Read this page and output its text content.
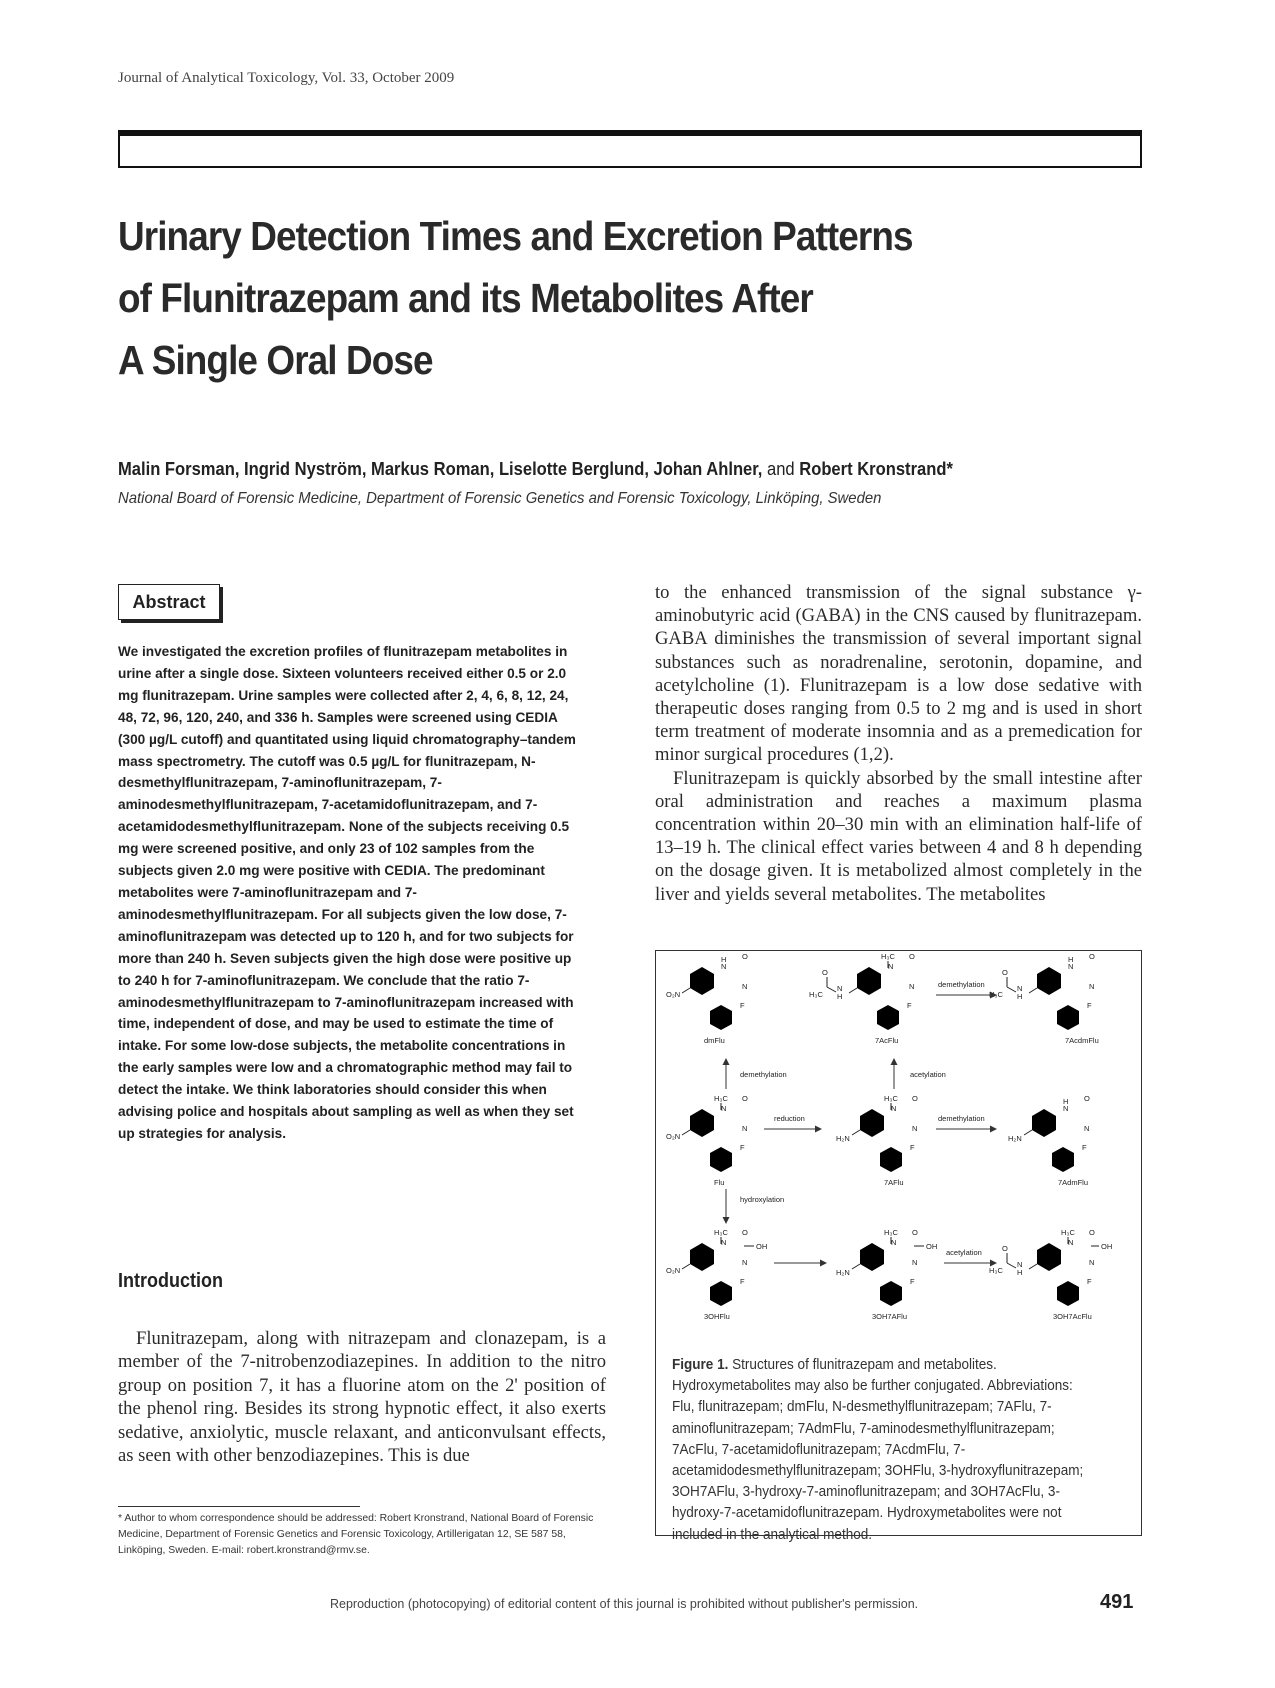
Journal of Analytical Toxicology, Vol. 33, October 2009
Urinary Detection Times and Excretion Patterns
of Flunitrazepam and its Metabolites After
A Single Oral Dose
Malin Forsman, Ingrid Nyström, Markus Roman, Liselotte Berglund, Johan Ahlner, and Robert Kronstrand*
National Board of Forensic Medicine, Department of Forensic Genetics and Forensic Toxicology, Linköping, Sweden
Abstract
We investigated the excretion profiles of flunitrazepam metabolites in urine after a single dose. Sixteen volunteers received either 0.5 or 2.0 mg flunitrazepam. Urine samples were collected after 2, 4, 6, 8, 12, 24, 48, 72, 96, 120, 240, and 336 h. Samples were screened using CEDIA (300 µg/L cutoff) and quantitated using liquid chromatography–tandem mass spectrometry. The cutoff was 0.5 µg/L for flunitrazepam, N-desmethylflunitrazepam, 7-aminoflunitrazepam, 7-aminodesmethylflunitrazepam, 7-acetamidoflunitrazepam, and 7-acetamidodesmethylflunitrazepam. None of the subjects receiving 0.5 mg were screened positive, and only 23 of 102 samples from the subjects given 2.0 mg were positive with CEDIA. The predominant metabolites were 7-aminoflunitrazepam and 7-aminodesmethylflunitrazepam. For all subjects given the low dose, 7-aminoflunitrazepam was detected up to 120 h, and for two subjects for more than 240 h. Seven subjects given the high dose were positive up to 240 h for 7-aminoflunitrazepam. We conclude that the ratio 7-aminodesmethylflunitrazepam to 7-aminoflunitrazepam increased with time, independent of dose, and may be used to estimate the time of intake. For some low-dose subjects, the metabolite concentrations in the early samples were low and a chromatographic method may fail to detect the intake. We think laboratories should consider this when advising police and hospitals about sampling as well as when they set up strategies for analysis.
Introduction

Flunitrazepam, along with nitrazepam and clonazepam, is a member of the 7-nitrobenzodiazepines. In addition to the nitro group on position 7, it has a fluorine atom on the 2' position of the phenol ring. Besides its strong hypnotic effect, it also exerts sedative, anxiolytic, muscle relaxant, and anticonvulsant effects, as seen with other benzodiazepines. This is due

* Author to whom correspondence should be addressed: Robert Kronstrand, National Board of Forensic Medicine, Department of Forensic Genetics and Forensic Toxicology, Artillerigatan 12, SE 587 58, Linköping, Sweden. E-mail: robert.kronstrand@rmv.se.

to the enhanced transmission of the signal substance γ-aminobutyric acid (GABA) in the CNS caused by flunitrazepam. GABA diminishes the transmission of several important signal substances such as noradrenaline, serotonin, dopamine, and acetylcholine (1). Flunitrazepam is a low dose sedative with therapeutic doses ranging from 0.5 to 2 mg and is used in short term treatment of moderate insomnia and as a premedication for minor surgical procedures (1,2).

Flunitrazepam is quickly absorbed by the small intestine after oral administration and reaches a maximum plasma concentration within 20–30 min with an elimination half-life of 13–19 h. The clinical effect varies between 4 and 8 h depending on the dosage given. It is metabolized almost completely in the liver and yields several metabolites. The metabolites

N
H
N
O
O₂N
F
dmFlu
H₃C
N
N
O
N
H
O
H₃C
F
7AcFlu
N
H
N
O
N
H
O
H₃C
F
7AcdmFlu
demethylation
demethylation	acetylation
H₃C
N
N
O
O₂N
F
Flu
reduction
H₃C
N
N
O
H₂N
F
7AFlu
demethylation
N
H
N
O
H₂N
F
7AdmFlu
hydroxylation
H₃C
N
N
O
OH
O₂N
F
3OHFlu
H₃C
N
N
O
OH
H₂N
F
3OH7AFlu
acetylation
H₃C
N
N
O
OH
N
H
O
H₃C
F
3OH7AcFlu
Figure 1. Structures of flunitrazepam and metabolites. Hydroxymetabolites may also be further conjugated. Abbreviations: Flu, flunitrazepam; dmFlu, N-desmethylflunitrazepam; 7AFlu, 7-aminoflunitrazepam; 7AdmFlu, 7-aminodesmethylflunitrazepam; 7AcFlu, 7-acetamidoflunitrazepam; 7AcdmFlu, 7-acetamidodesmethylflunitrazepam; 3OHFlu, 3-hydroxyflunitrazepam; 3OH7AFlu, 3-hydroxy-7-aminoflunitrazepam; and 3OH7AcFlu, 3-hydroxy-7-acetamidoflunitrazepam. Hydroxymetabolites were not included in the analytical method.
Reproduction (photocopying) of editorial content of this journal is prohibited without publisher's permission.	491
